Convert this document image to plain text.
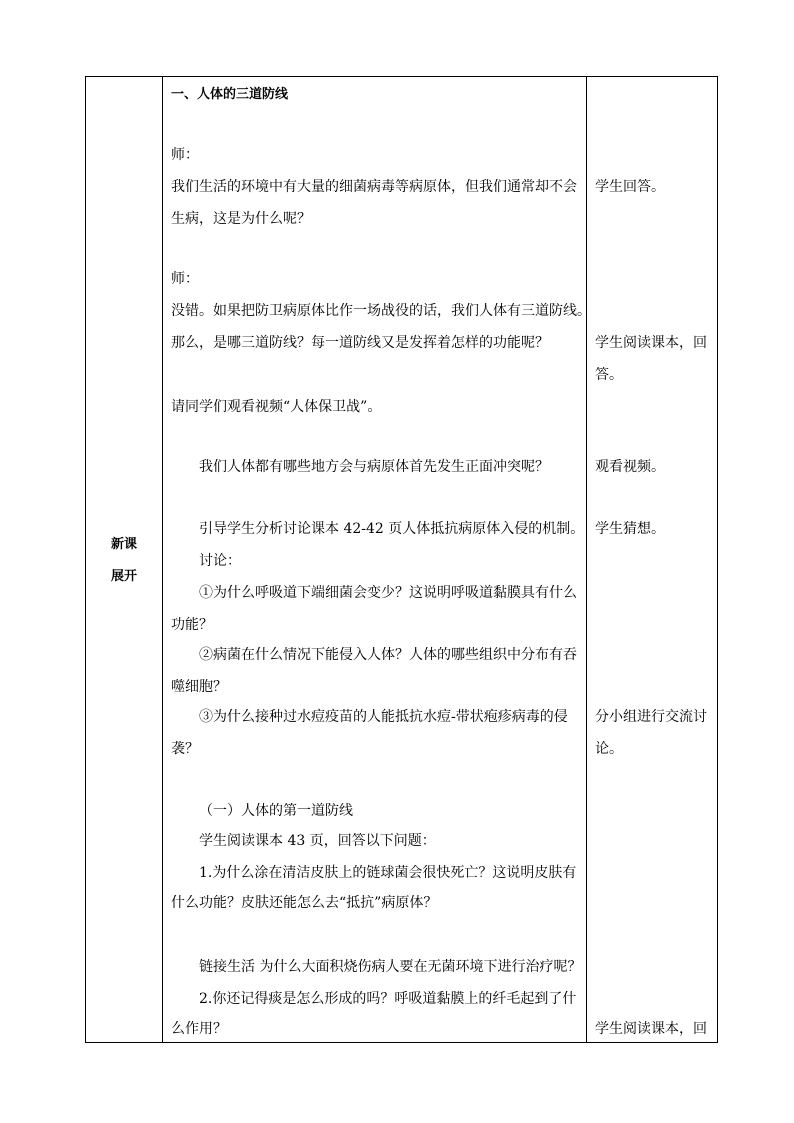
新课
展开
一、人体的三道防线
师：
我们生活的环境中有大量的细菌病毒等病原体，但我们通常却不会
生病，这是为什么呢？
师：
没错。如果把防卫病原体比作一场战役的话，我们人体有三道防线。
那么，是哪三道防线？每一道防线又是发挥着怎样的功能呢？
请同学们观看视频“人体保卫战”。
我们人体都有哪些地方会与病原体首先发生正面冲突呢？
引导学生分析讨论课本 42-42 页人体抵抗病原体入侵的机制。
讨论：
①为什么呼吸道下端细菌会变少？这说明呼吸道黏膜具有什么
功能？
②病菌在什么情况下能侵入人体？人体的哪些组织中分布有吞
噬细胞？
③为什么接种过水痘疫苗的人能抵抗水痘-带状疱疹病毒的侵
袭？
（一）人体的第一道防线
学生阅读课本 43 页，回答以下问题：
1.为什么涂在清洁皮肤上的链球菌会很快死亡？这说明皮肤有
什么功能？皮肤还能怎么去“抵抗”病原体？
链接生活 为什么大面积烧伤病人要在无菌环境下进行治疗呢？
2.你还记得痰是怎么形成的吗？呼吸道黏膜上的纤毛起到了什
么作用？
学生回答。
学生阅读课本，回
答。
观看视频。
学生猜想。
分小组进行交流讨
论。
学生阅读课本，回
